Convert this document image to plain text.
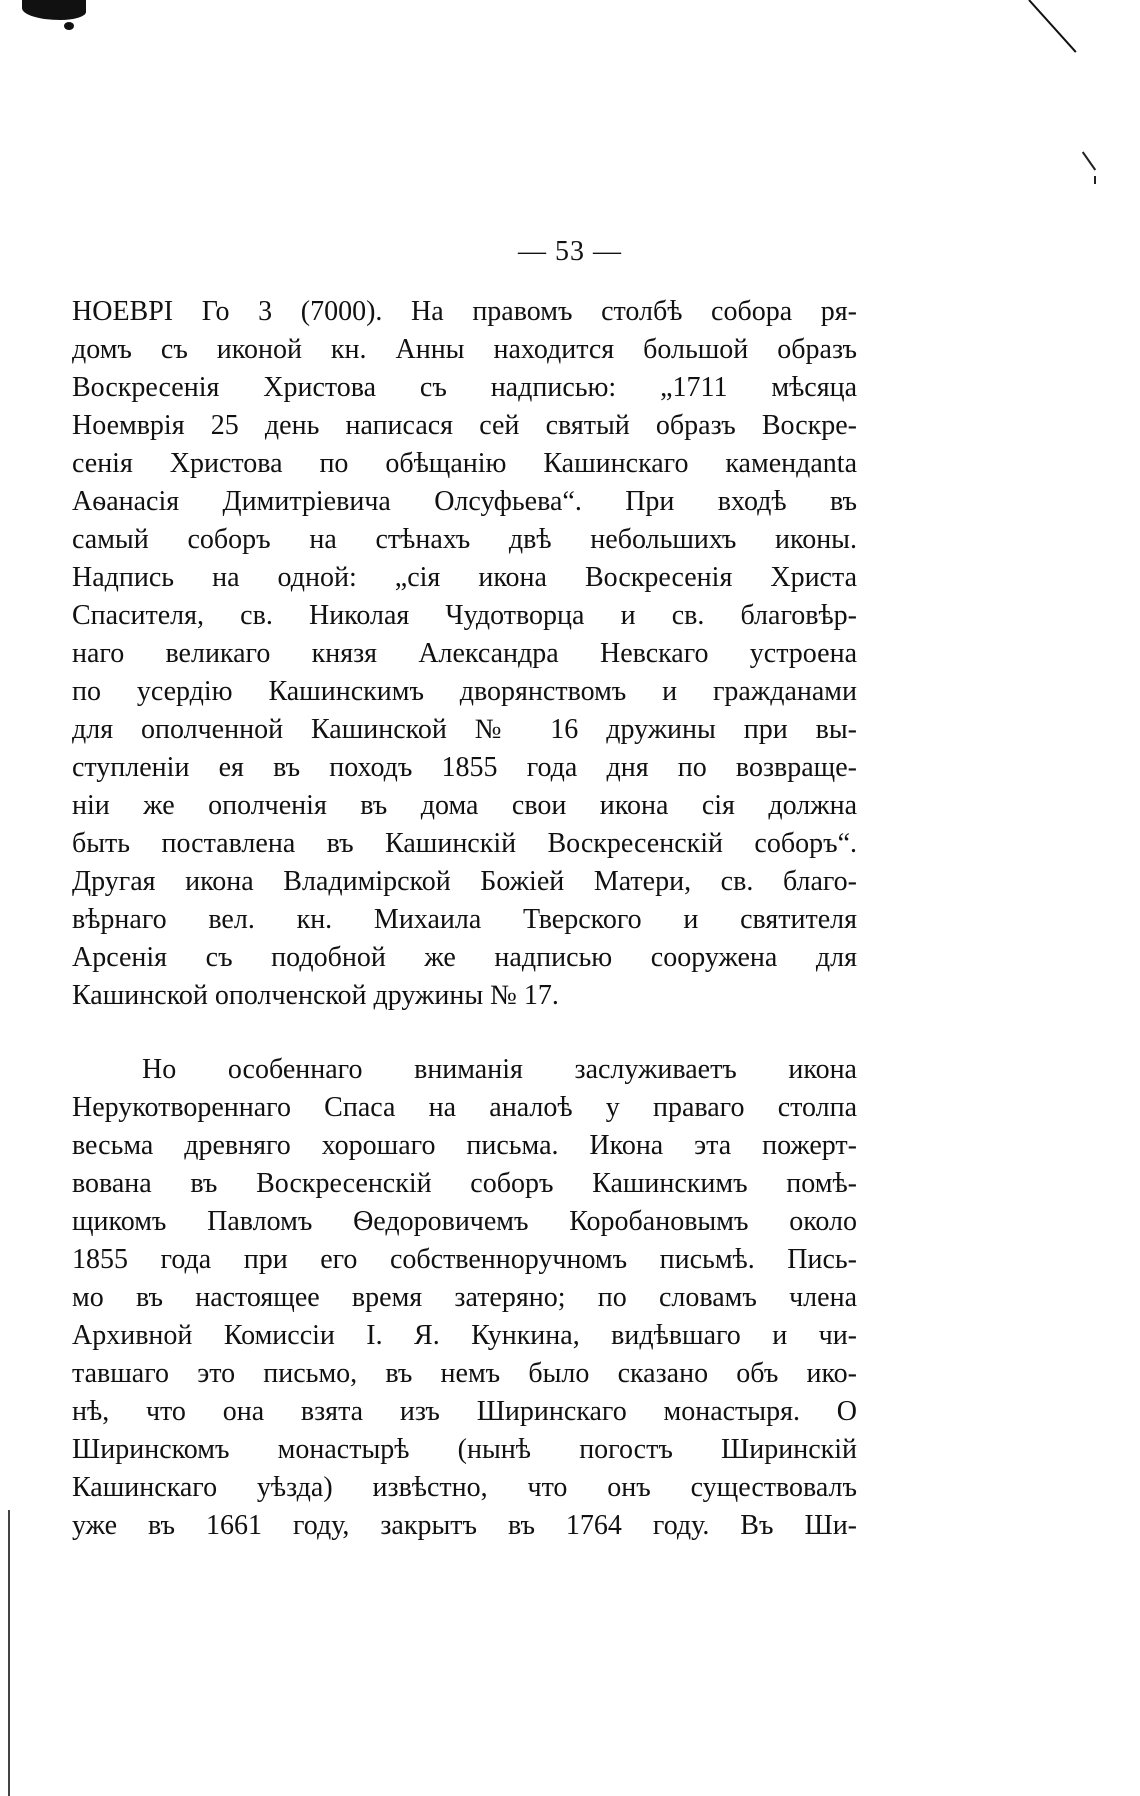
— 53 —
НОЕВРІ Го 3 (7000). На правомъ столбѣ собора ря-
домъ съ иконой кн. Анны находится большой образъ
Воскресенія Христова съ надписью: „1711 мѣсяца
Ноемврія 25 день написася сей святый образъ Воскре-
сенія Христова по обѣщанію Кашинскаго камендanta
Аѳанасія Димитріевича Олсуфьева“. При входѣ въ
самый соборъ на стѣнахъ двѣ небольшихъ иконы.
Надпись на одной: „сія икона Воскресенія Христа
Спасителя, св. Николая Чудотворца и св. благовѣр-
наго великаго князя Александра Невскаго устроена
по усердію Кашинскимъ дворянствомъ и гражданами
для ополченной Кашинской № 16 дружины при вы-
ступленіи ея въ походъ 1855 года дня по возвраще-
ніи же ополченія въ дома свои икона сія должна
быть поставлена въ Кашинскій Воскресенскій соборъ“.
Другая икона Владимірской Божіей Матери, св. благо-
вѣрнаго вел. кн. Михаила Тверского и святителя
Арсенія съ подобной же надписью сооружена для
Кашинской ополченской дружины № 17.
Но особеннаго вниманія заслуживаетъ икона
Нерукотвореннаго Спаса на аналоѣ у праваго столпа
весьма древняго хорошаго письма. Икона эта пожерт-
вована въ Воскресенскій соборъ Кашинскимъ помѣ-
щикомъ Павломъ Ѳедоровичемъ Коробановымъ около
1855 года при его собственноручномъ письмѣ. Пись-
мо въ настоящее время затеряно; по словамъ члена
Архивной Комиссіи І. Я. Кункина, видѣвшаго и чи-
тавшаго это письмо, въ немъ было сказано объ ико-
нѣ, что она взята изъ Ширинскаго монастыря. О
Ширинскомъ монастырѣ (нынѣ погостъ Ширинскій
Кашинскаго уѣзда) извѣстно, что онъ существовалъ
уже въ 1661 году, закрытъ въ 1764 году. Въ Ши-
